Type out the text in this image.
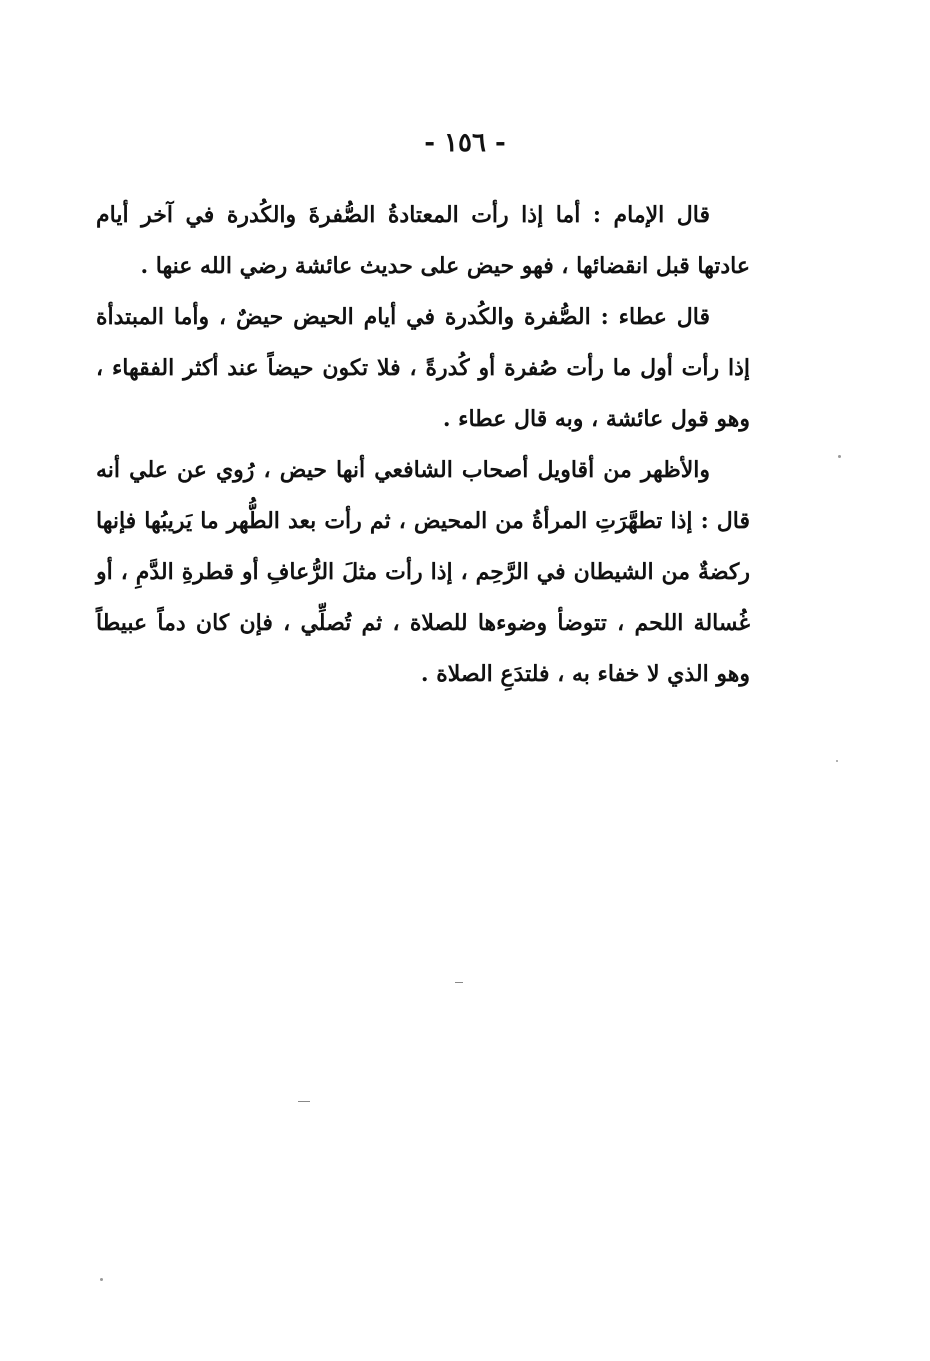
- ١٥٦ -

قال الإمام : أما إذا رأت المعتادةُ الصُّفرةَ والكُدرة في آخر أيام عادتها قبل انقضائها ، فهو حيض على حديث عائشة رضي الله عنها .

قال عطاء : الصُّفرة والكُدرة في أيام الحيض حيضٌ ، وأما المبتدأة إذا رأت أول ما رأت صُفرة أو كُدرةً ، فلا تكون حيضاً عند أكثر الفقهاء ، وهو قول عائشة ، وبه قال عطاء .

والأظهر من أقاويل أصحاب الشافعي أنها حيض ، رُوي عن علي أنه قال : إذا تطهَّرَتِ المرأةُ من المحيض ، ثم رأت بعد الطُّهر ما يَريبُها فإنها ركضةٌ من الشيطان في الرَّحِم ، إذا رأت مثلَ الرُّعافِ أو قطرةِ الدَّمِ ، أو غُسالة اللحم ، تتوضأ وضوءها للصلاة ، ثم تُصلِّي ، فإن كان دماً عبيطاً وهو الذي لا خفاء به ، فلتدَعِ الصلاة .
